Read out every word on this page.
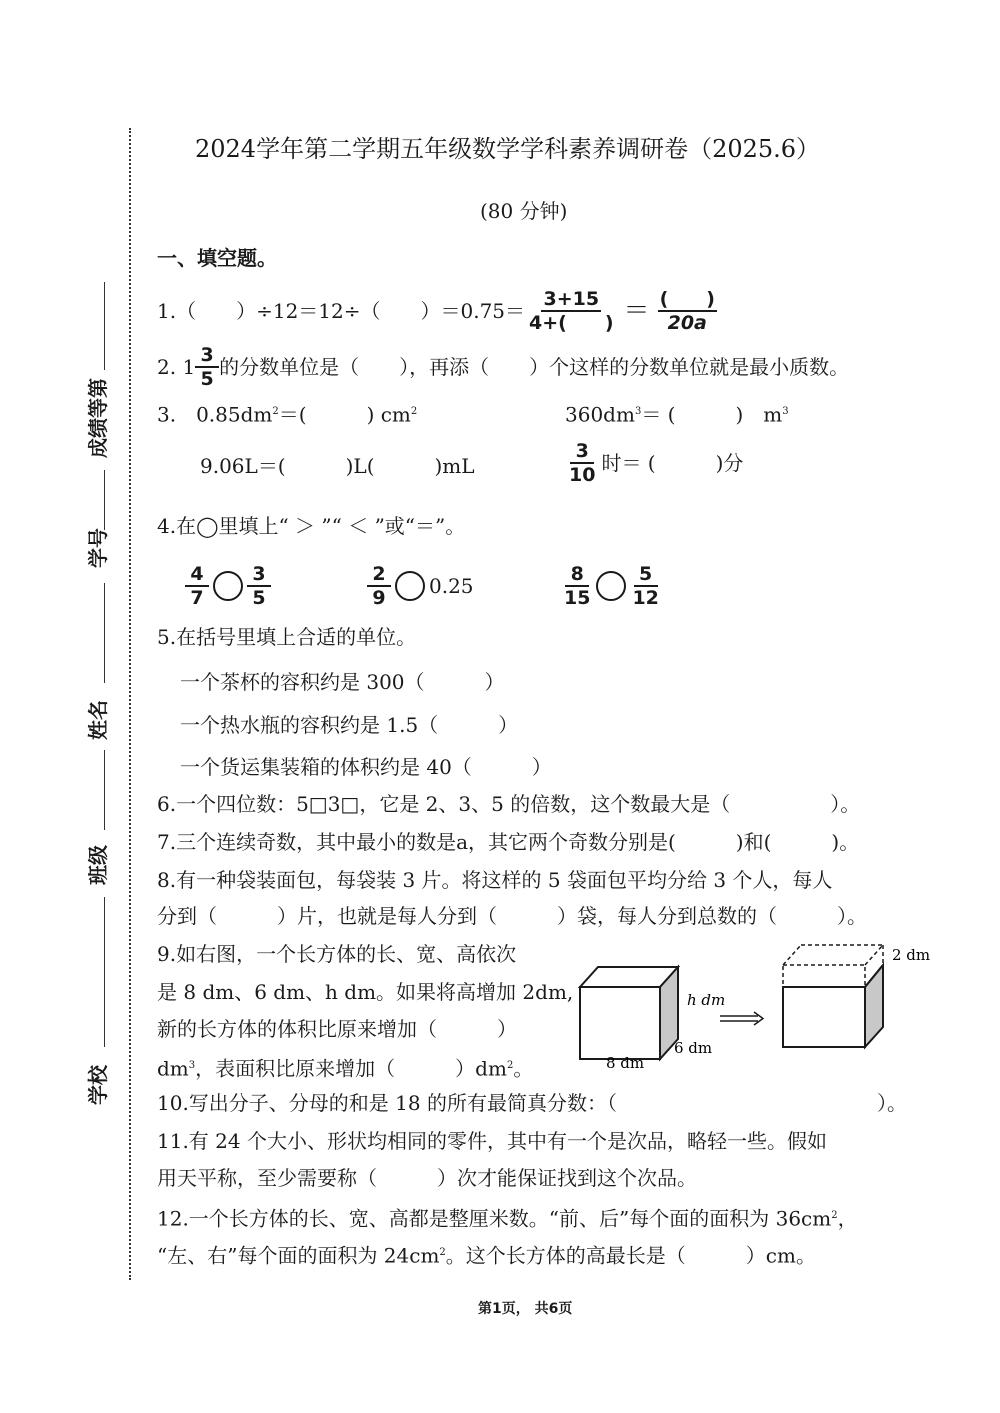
成绩等第
学号
姓名
班级
学校
2024学年第二学期五年级数学学科素养调研卷（2025.6）
(80 分钟)
一、填空题。
1.（　　）÷12＝12÷（　　）$=0.75= \frac{3+15}{4+( )} = \frac{( )}{20a}$
2. $1 \frac{3}{5}$ 的分数单位是（　　），再添（　　）个这样的分数单位就是最小质数。
3.　$0.85dm^2=$(　　　) $cm^2$	$360dm^3=$ (　　　)　$m^3$
9.06L＝(　　　)L(　　　)mL	$\frac{3}{10}$ 时＝ (　　　)分
4.在◯里填上“ ＞ ”“ ＜ ”或“＝”。
$\frac{4}{7} \frac{3}{5}$	$\frac{2}{9} 0.25$	$\frac{8}{15} \frac{5}{12}$
5.在括号里填上合适的单位。
一个茶杯的容积约是 300（　　　）
一个热水瓶的容积约是 1.5（　　　）
一个货运集装箱的体积约是 40（　　　）
6.一个四位数：5□3□，它是 2、3、5 的倍数，这个数最大是（　　　　　）。
7.三个连续奇数，其中最小的数是a，其它两个奇数分别是(　　　)和(　　　)。
8.有一种袋装面包，每袋装 3 片。将这样的 5 袋面包平均分给 3 个人，每人
分到（　　　）片，也就是每人分到（　　　）袋，每人分到总数的（　　　）。
9.如右图，一个长方体的长、宽、高依次
是 8 dm、6 dm、h dm。如果将高增加 2dm,
新的长方体的体积比原来增加（　　　）
$dm^3$，表面积比原来增加（　　　）$dm^2$。
h dm
8 dm
6 dm
2 dm
10.写出分子、分母的和是 18 的所有最简真分数：（　　　　　　　　　　　　　）。
11.有 24 个大小、形状均相同的零件，其中有一个是次品，略轻一些。假如
用天平称，至少需要称（　　　）次才能保证找到这个次品。
12.一个长方体的长、宽、高都是整厘米数。“前、后”每个面的面积为 $36cm^2$，
“左、右”每个面的面积为 $24cm^2$。这个长方体的高最长是（　　　）cm。
第1页， 共6页
